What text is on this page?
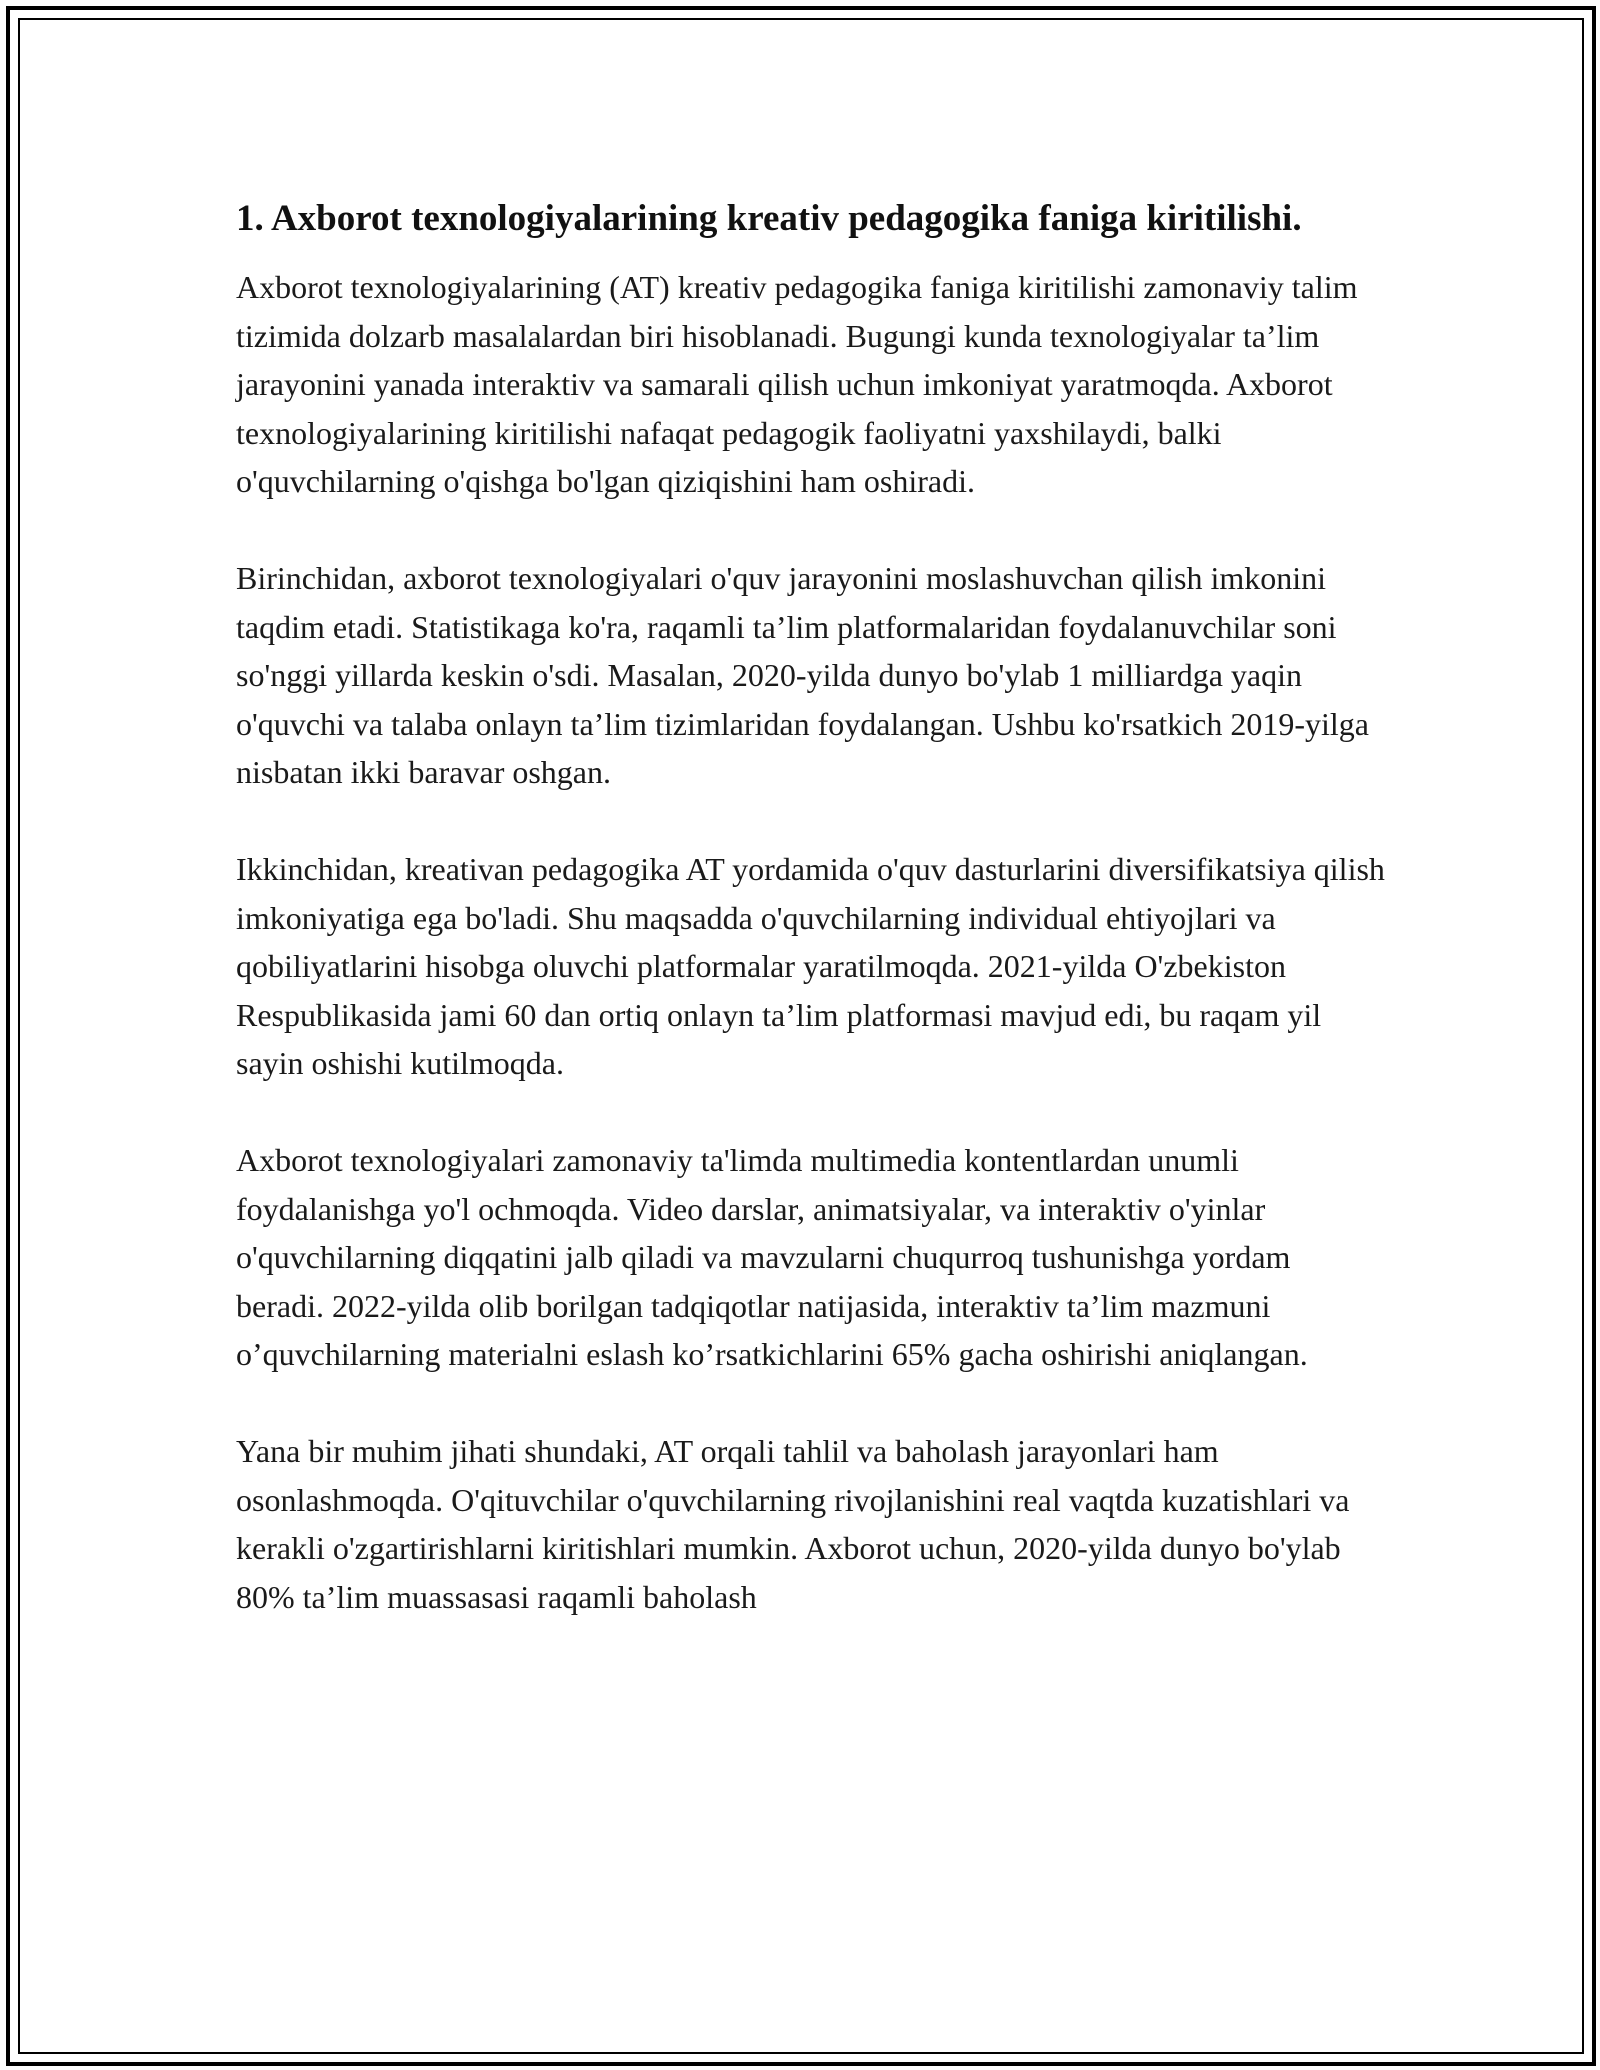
1. Axborot texnologiyalarining kreativ pedagogika faniga kiritilishi.

Axborot texnologiyalarining (AT) kreativ pedagogika faniga kiritilishi zamonaviy talim tizimida dolzarb masalalardan biri hisoblanadi. Bugungi kunda texnologiyalar ta’lim jarayonini yanada interaktiv va samarali qilish uchun imkoniyat yaratmoqda. Axborot texnologiyalarining kiritilishi nafaqat pedagogik faoliyatni yaxshilaydi, balki o'quvchilarning o'qishga bo'lgan qiziqishini ham oshiradi.

Birinchidan, axborot texnologiyalari o'quv jarayonini moslashuvchan qilish imkonini taqdim etadi. Statistikaga ko'ra, raqamli ta’lim platformalaridan foydalanuvchilar soni so'nggi yillarda keskin o'sdi. Masalan, 2020-yilda dunyo bo'ylab 1 milliardga yaqin o'quvchi va talaba onlayn ta’lim tizimlaridan foydalangan. Ushbu ko'rsatkich 2019-yilga nisbatan ikki baravar oshgan.

Ikkinchidan, kreativan pedagogika AT yordamida o'quv dasturlarini diversifikatsiya qilish imkoniyatiga ega bo'ladi. Shu maqsadda o'quvchilarning individual ehtiyojlari va qobiliyatlarini hisobga oluvchi platformalar yaratilmoqda. 2021-yilda O'zbekiston Respublikasida jami 60 dan ortiq onlayn ta’lim platformasi mavjud edi, bu raqam yil sayin oshishi kutilmoqda.

Axborot texnologiyalari zamonaviy ta'limda multimedia kontentlardan unumli foydalanishga yo'l ochmoqda. Video darslar, animatsiyalar, va interaktiv o'yinlar o'quvchilarning diqqatini jalb qiladi va mavzularni chuqurroq tushunishga yordam beradi. 2022-yilda olib borilgan tadqiqotlar natijasida, interaktiv ta’lim mazmuni o’quvchilarning materialni eslash ko’rsatkichlarini 65% gacha oshirishi aniqlangan.

Yana bir muhim jihati shundaki, AT orqali tahlil va baholash jarayonlari ham osonlashmoqda. O'qituvchilar o'quvchilarning rivojlanishini real vaqtda kuzatishlari va kerakli o'zgartirishlarni kiritishlari mumkin. Axborot uchun, 2020-yilda dunyo bo'ylab 80% ta’lim muassasasi raqamli baholash
